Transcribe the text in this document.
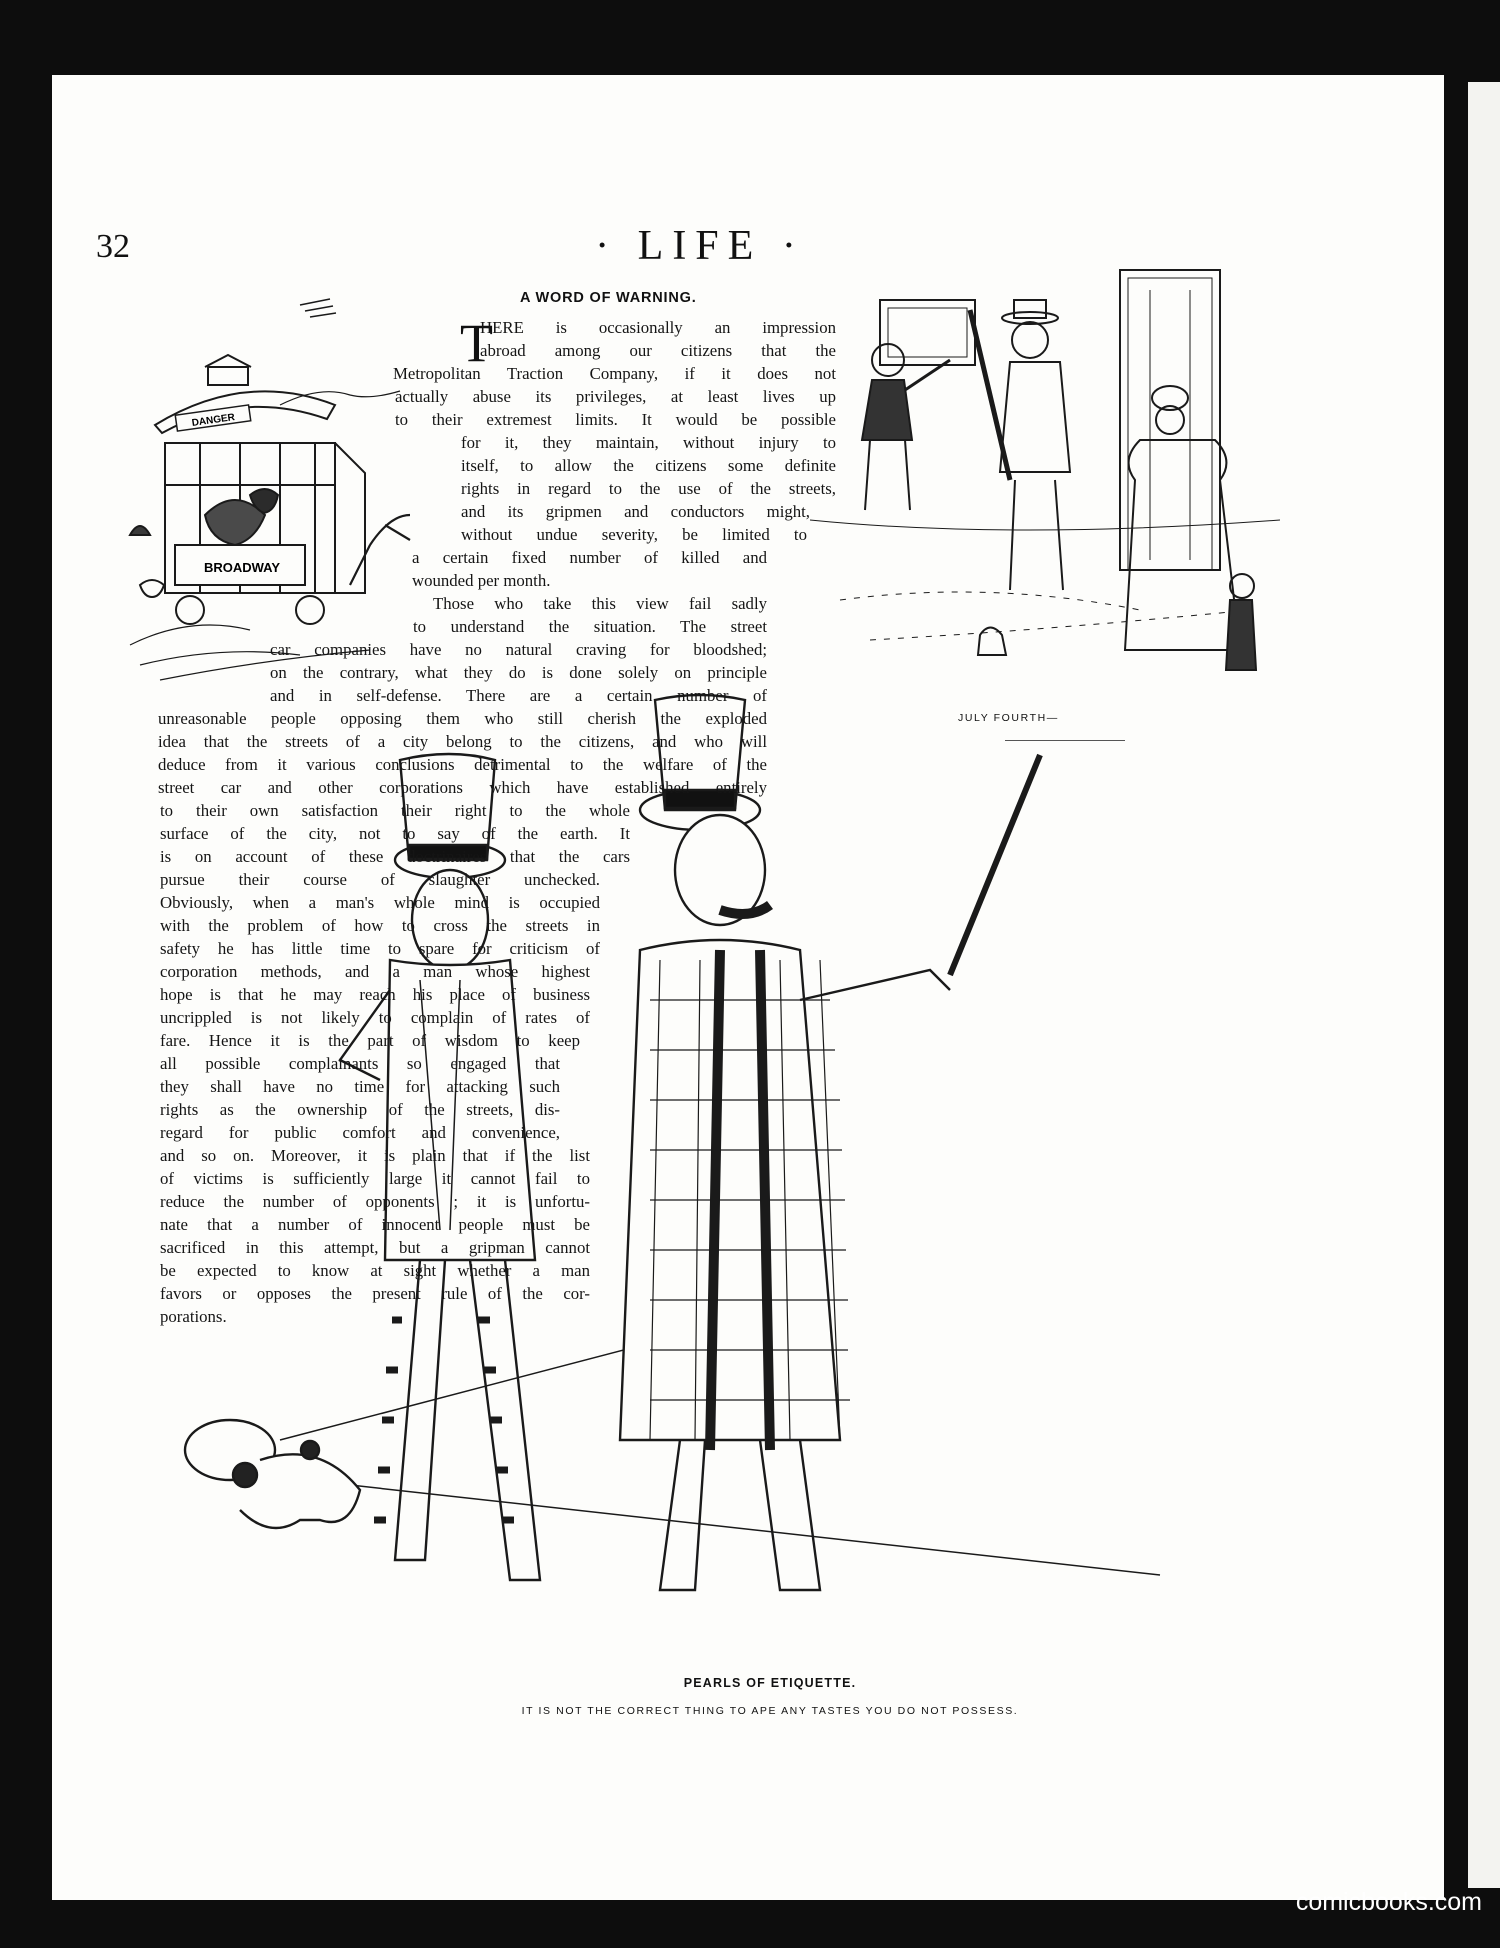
32	· LIFE ·
A WORD OF WARNING.
T
DANGER
BROADWAY
JULY FOURTH—
PEARLS OF ETIQUETTE.
IT IS NOT THE CORRECT THING TO APE ANY TASTES YOU DO NOT POSSESS.
HERE is occasionally an impression
abroad among our citizens that the
Metropolitan Traction Company, if it does not
actually abuse its privileges, at least lives up
to their extremest limits. It would be possible
for it, they maintain, without injury to
itself, to allow the citizens some definite
rights in regard to the use of the streets,
and its gripmen and conductors might,
without undue severity, be limited to
a certain fixed number of killed and
wounded per month.
Those who take this view fail sadly
to understand the situation. The street
car companies have no natural craving for bloodshed;
on the contrary, what they do is done solely on principle
and in self-defense. There are a certain number of
unreasonable people opposing them who still cherish the exploded
idea that the streets of a city belong to the citizens, and who will
deduce from it various conclusions detrimental to the welfare of the
street car and other corporations which have established entirely
to their own satisfaction their right to the whole
surface of the city, not to say of the earth. It
is on account of these doctrinaires that the cars
pursue their course of slaughter unchecked.
Obviously, when a man's whole mind is occupied
with the problem of how to cross the streets in
safety he has little time to spare for criticism of
corporation methods, and a man whose highest
hope is that he may reach his place of business
uncrippled is not likely to complain of rates of
fare. Hence it is the part of wisdom to keep
all possible complainants so engaged that
they shall have no time for attacking such
rights as the ownership of the streets, dis-
regard for public comfort and convenience,
and so on. Moreover, it is plain that if the list
of victims is sufficiently large it cannot fail to
reduce the number of opponents ; it is unfortu-
nate that a number of innocent people must be
sacrificed in this attempt, but a gripman cannot
be expected to know at sight whether a man
favors or opposes the present rule of the cor-
porations.
comicbooks.com
